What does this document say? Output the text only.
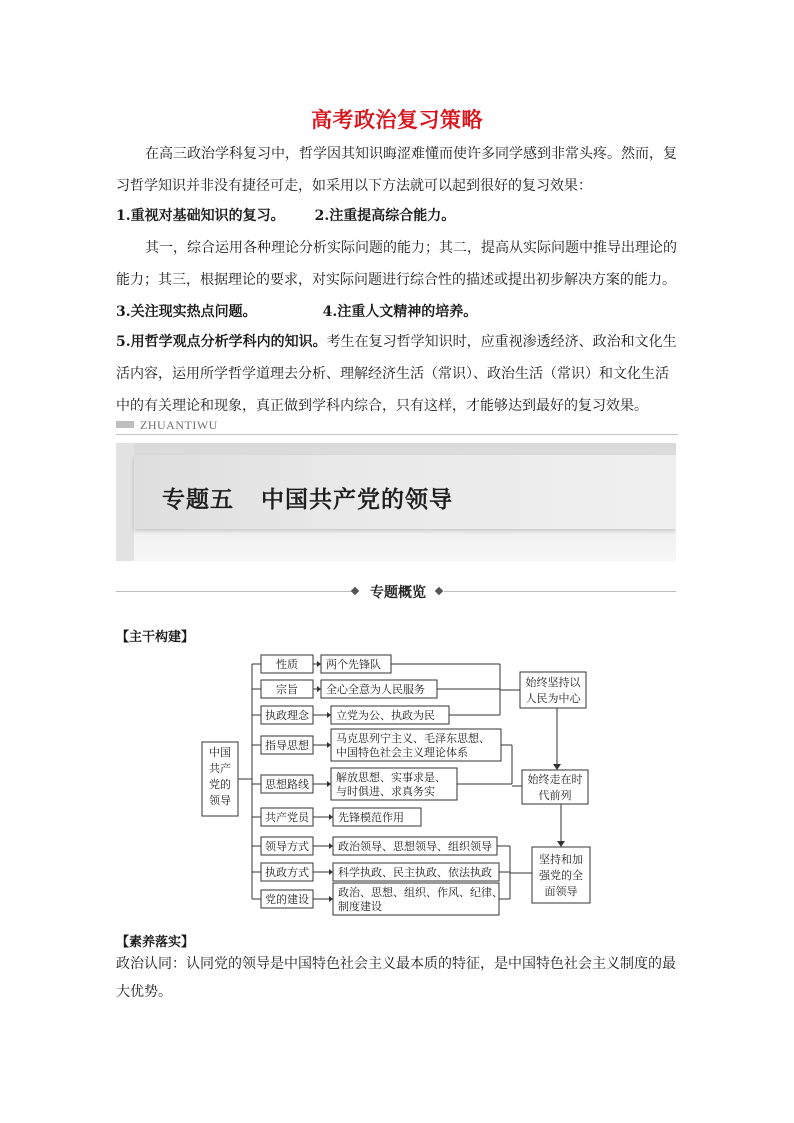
高考政治复习策略

在高三政治学科复习中，哲学因其知识晦涩难懂而使许多同学感到非常头疼。然而，复习哲学知识并非没有捷径可走，如采用以下方法就可以起到很好的复习效果：

1.重视对基础知识的复习。 2.注重提高综合能力。

其一，综合运用各种理论分析实际问题的能力；其二，提高从实际问题中推导出理论的能力；其三，根据理论的要求，对实际问题进行综合性的描述或提出初步解决方案的能力。

3.关注现实热点问题。	4.注重人文精神的培养。

5.用哲学观点分析学科内的知识。考生在复习哲学知识时，应重视渗透经济、政治和文化生活内容，运用所学哲学道理去分析、理解经济生活（常识）、政治生活（常识）和文化生活中的有关理论和现象，真正做到学科内综合，只有这样，才能够达到最好的复习效果。

ZHUANTIWU
专题五 中国共产党的领导
专题概览
【主干构建】
中国
共产
党的
领导
性质	两个先锋队
宗旨	全心全意为人民服务
执政理念 立党为公、执政为民
指导思想
马克思列宁主义、毛泽东思想、
中国特色社会主义理论体系
思想路线
解放思想、实事求是、
与时俱进、求真务实
共产党员	先锋模范作用
领导方式	政治领导、思想领导、组织领导
执政方式	科学执政、民主执政、依法执政
党的建设
政治、思想、组织、作风、纪律、
制度建设
始终坚持以
人民为中心
始终走在时
代前列
坚持和加
强党的全
面领导
【素养落实】

政治认同：认同党的领导是中国特色社会主义最本质的特征，是中国特色社会主义制度的最大优势。
